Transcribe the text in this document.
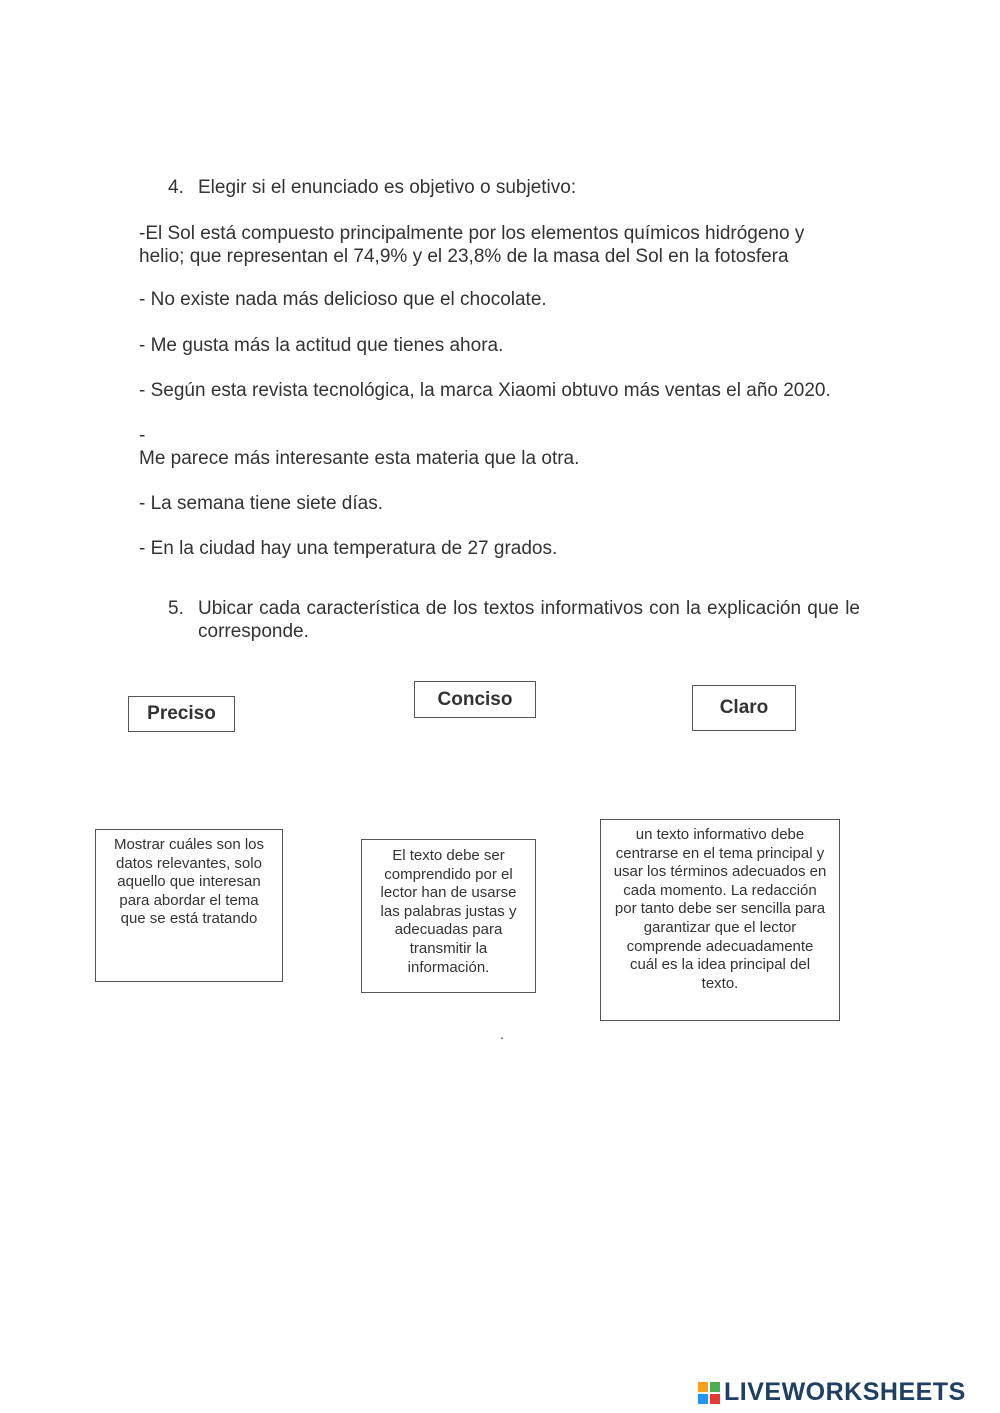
4. Elegir si el enunciado es objetivo o subjetivo:
-El Sol está compuesto principalmente por los elementos químicos hidrógeno y helio; que representan el 74,9% y el 23,8% de la masa del Sol en la fotosfera
- No existe nada más delicioso que el chocolate.
- Me gusta más la actitud que tienes ahora.
- Según esta revista tecnológica, la marca Xiaomi obtuvo más ventas el año 2020.
-
Me parece más interesante esta materia que la otra.
- La semana tiene siete días.
- En la ciudad hay una temperatura de 27 grados.
5. Ubicar cada característica de los textos informativos con la explicación que le corresponde.
Preciso
Conciso	Claro
Mostrar cuáles son los datos relevantes, solo aquello que interesan para abordar el tema que se está tratando
El texto debe ser comprendido por el lector han de usarse las palabras justas y adecuadas para transmitir la información.
un texto informativo debe centrarse en el tema principal y usar los términos adecuados en cada momento. La redacción por tanto debe ser sencilla para garantizar que el lector comprende adecuadamente cuál es la idea principal del texto.
.
LIVEWORKSHEETS
